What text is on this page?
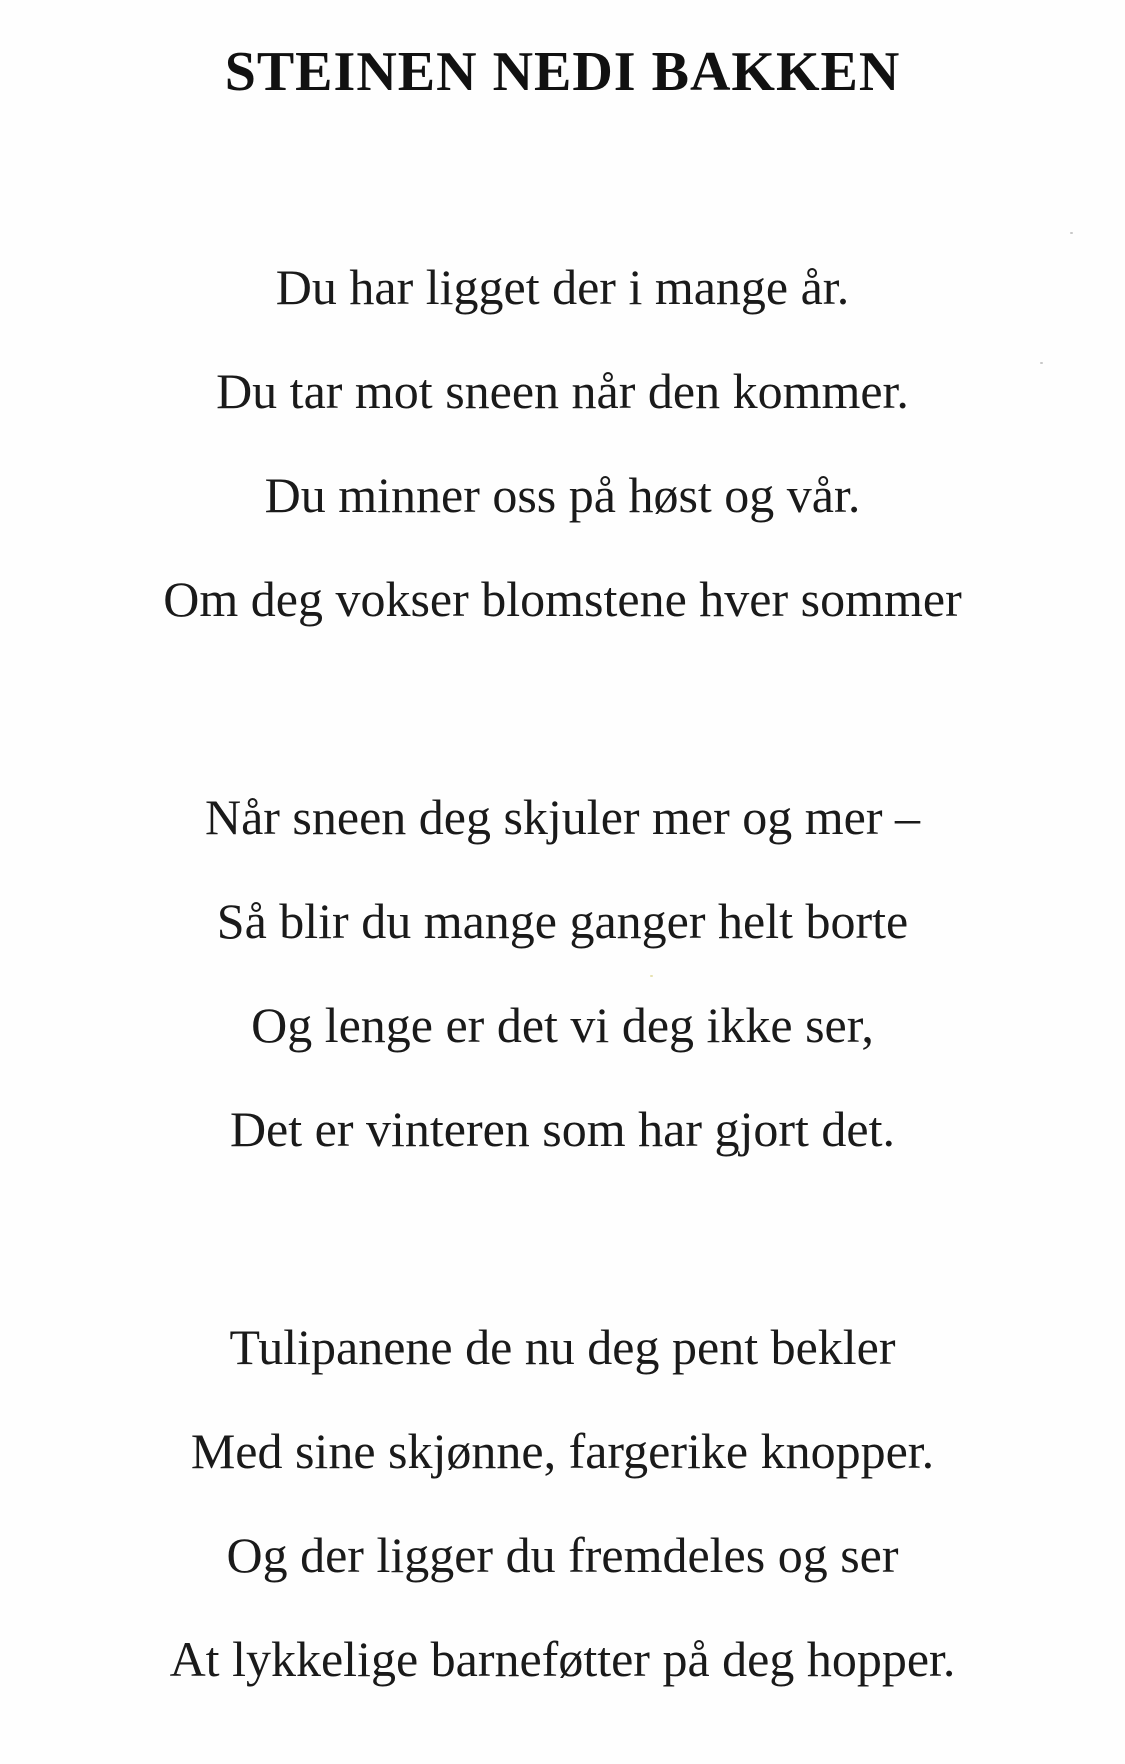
STEINEN NEDI BAKKEN
Du har ligget der i mange år.
Du tar mot sneen når den kommer.
Du minner oss på høst og vår.
Om deg vokser blomstene hver sommer
Når sneen deg skjuler mer og mer –
Så blir du mange ganger helt borte
Og lenge er det vi deg ikke ser,
Det er vinteren som har gjort det.
Tulipanene de nu deg pent bekler
Med sine skjønne, fargerike knopper.
Og der ligger du fremdeles og ser
At lykkelige barneføtter på deg hopper.
